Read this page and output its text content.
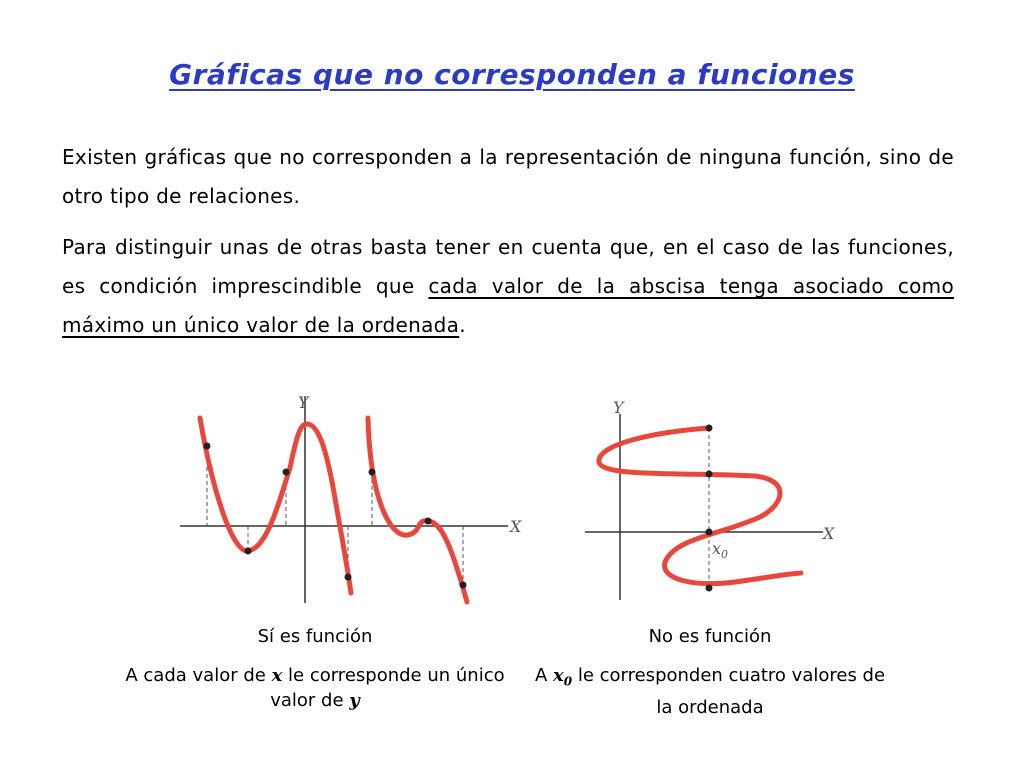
Gráficas que no corresponden a funciones
Existen gráficas que no corresponden a la representación de ninguna función, sino de otro tipo de relaciones.
Para distinguir unas de otras basta tener en cuenta que, en el caso de las funciones, es condición imprescindible que cada valor de la abscisa tenga asociado como máximo un único valor de la ordenada.
X
Y
X
Y
$x_0$
Sí es función
A cada valor de x le corresponde un único valor de y
No es función
A $x_0$ le corresponden cuatro valores de la ordenada
